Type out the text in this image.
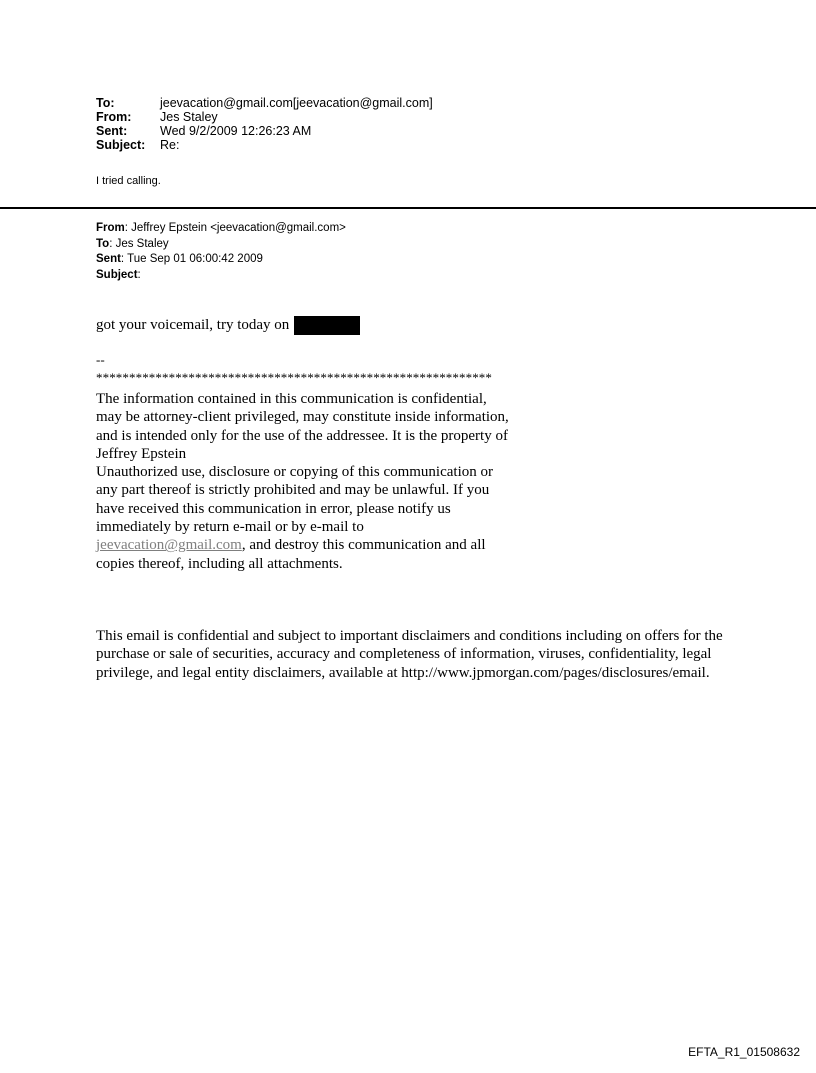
To:	jeevacation@gmail.com[jeevacation@gmail.com]
From:	Jes Staley
Sent:	Wed 9/2/2009 12:26:23 AM
Subject:	Re:
I tried calling.
From: Jeffrey Epstein <jeevacation@gmail.com>
To: Jes Staley
Sent: Tue Sep 01 06:00:42 2009
Subject:
got your voicemail, try today on
--
************************************************************
The information contained in this communication is confidential, may be attorney-client privileged, may constitute inside information, and is intended only for the use of the addressee. It is the property of
Jeffrey Epstein
Unauthorized use, disclosure or copying of this communication or any part thereof is strictly prohibited and may be unlawful. If you have received this communication in error, please notify us immediately by return e-mail or by e-mail to jeevacation@gmail.com, and destroy this communication and all copies thereof, including all attachments.
This email is confidential and subject to important disclaimers and conditions including on offers for the purchase or sale of securities, accuracy and completeness of information, viruses, confidentiality, legal privilege, and legal entity disclaimers, available at http://www.jpmorgan.com/pages/disclosures/email.
EFTA_R1_01508632
